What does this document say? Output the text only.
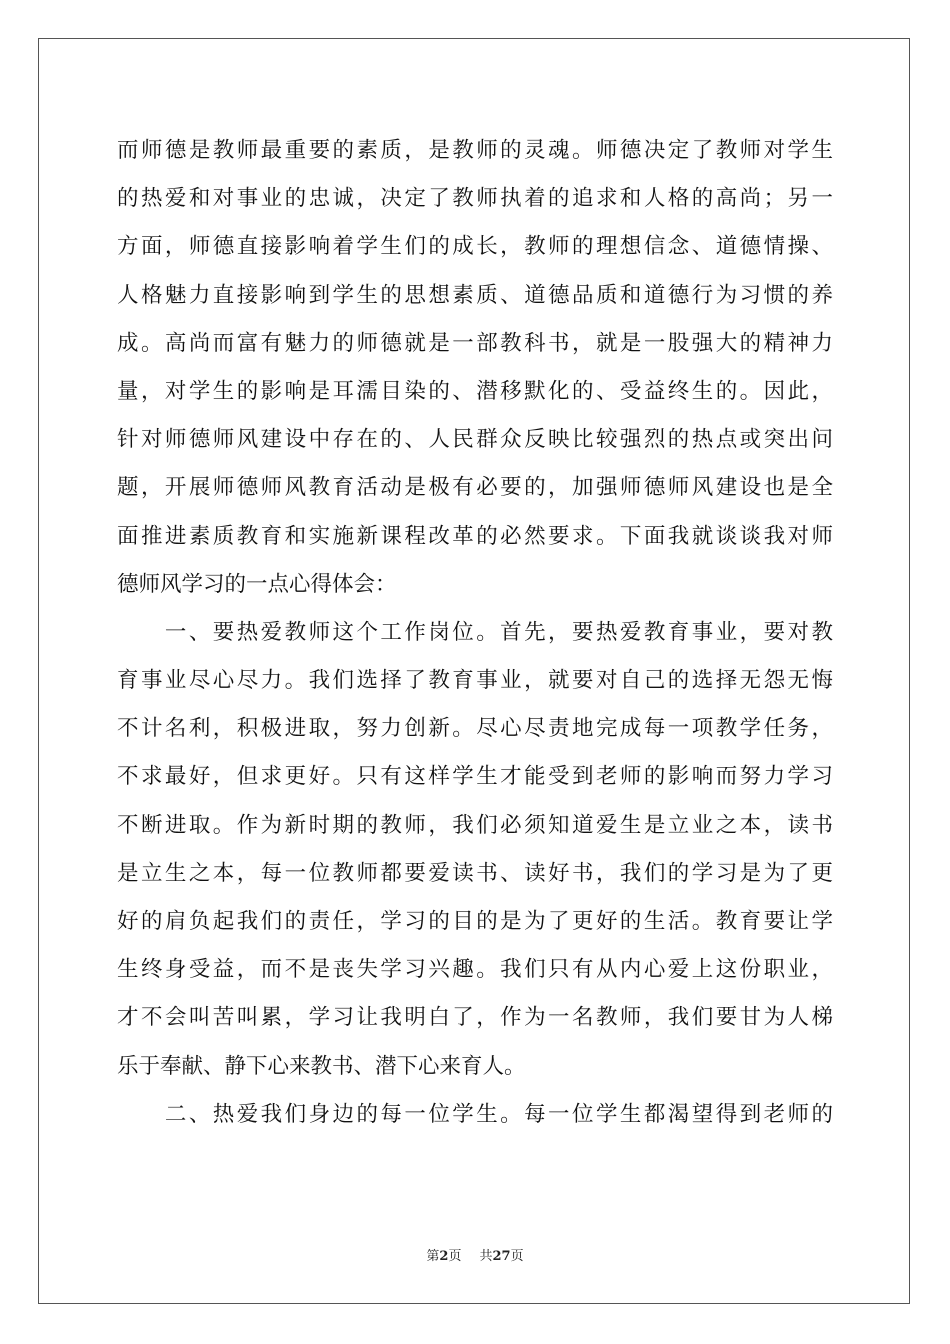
而师德是教师最重要的素质，是教师的灵魂。师德决定了教师对学生
的热爱和对事业的忠诚，决定了教师执着的追求和人格的高尚；另一
方面，师德直接影响着学生们的成长，教师的理想信念、道德情操、
人格魅力直接影响到学生的思想素质、道德品质和道德行为习惯的养
成。高尚而富有魅力的师德就是一部教科书，就是一股强大的精神力
量，对学生的影响是耳濡目染的、潜移默化的、受益终生的。因此，
针对师德师风建设中存在的、人民群众反映比较强烈的热点或突出问
题，开展师德师风教育活动是极有必要的，加强师德师风建设也是全
面推进素质教育和实施新课程改革的必然要求。下面我就谈谈我对师
德师风学习的一点心得体会：
　　一、要热爱教师这个工作岗位。首先，要热爱教育事业，要对教
育事业尽心尽力。我们选择了教育事业，就要对自己的选择无怨无悔
不计名利，积极进取，努力创新。尽心尽责地完成每一项教学任务，
不求最好，但求更好。只有这样学生才能受到老师的影响而努力学习
不断进取。作为新时期的教师，我们必须知道爱生是立业之本，读书
是立生之本，每一位教师都要爱读书、读好书，我们的学习是为了更
好的肩负起我们的责任，学习的目的是为了更好的生活。教育要让学
生终身受益，而不是丧失学习兴趣。我们只有从内心爱上这份职业，
才不会叫苦叫累，学习让我明白了，作为一名教师，我们要甘为人梯
乐于奉献、静下心来教书、潜下心来育人。
　　二、热爱我们身边的每一位学生。每一位学生都渴望得到老师的
第2页 共27页
